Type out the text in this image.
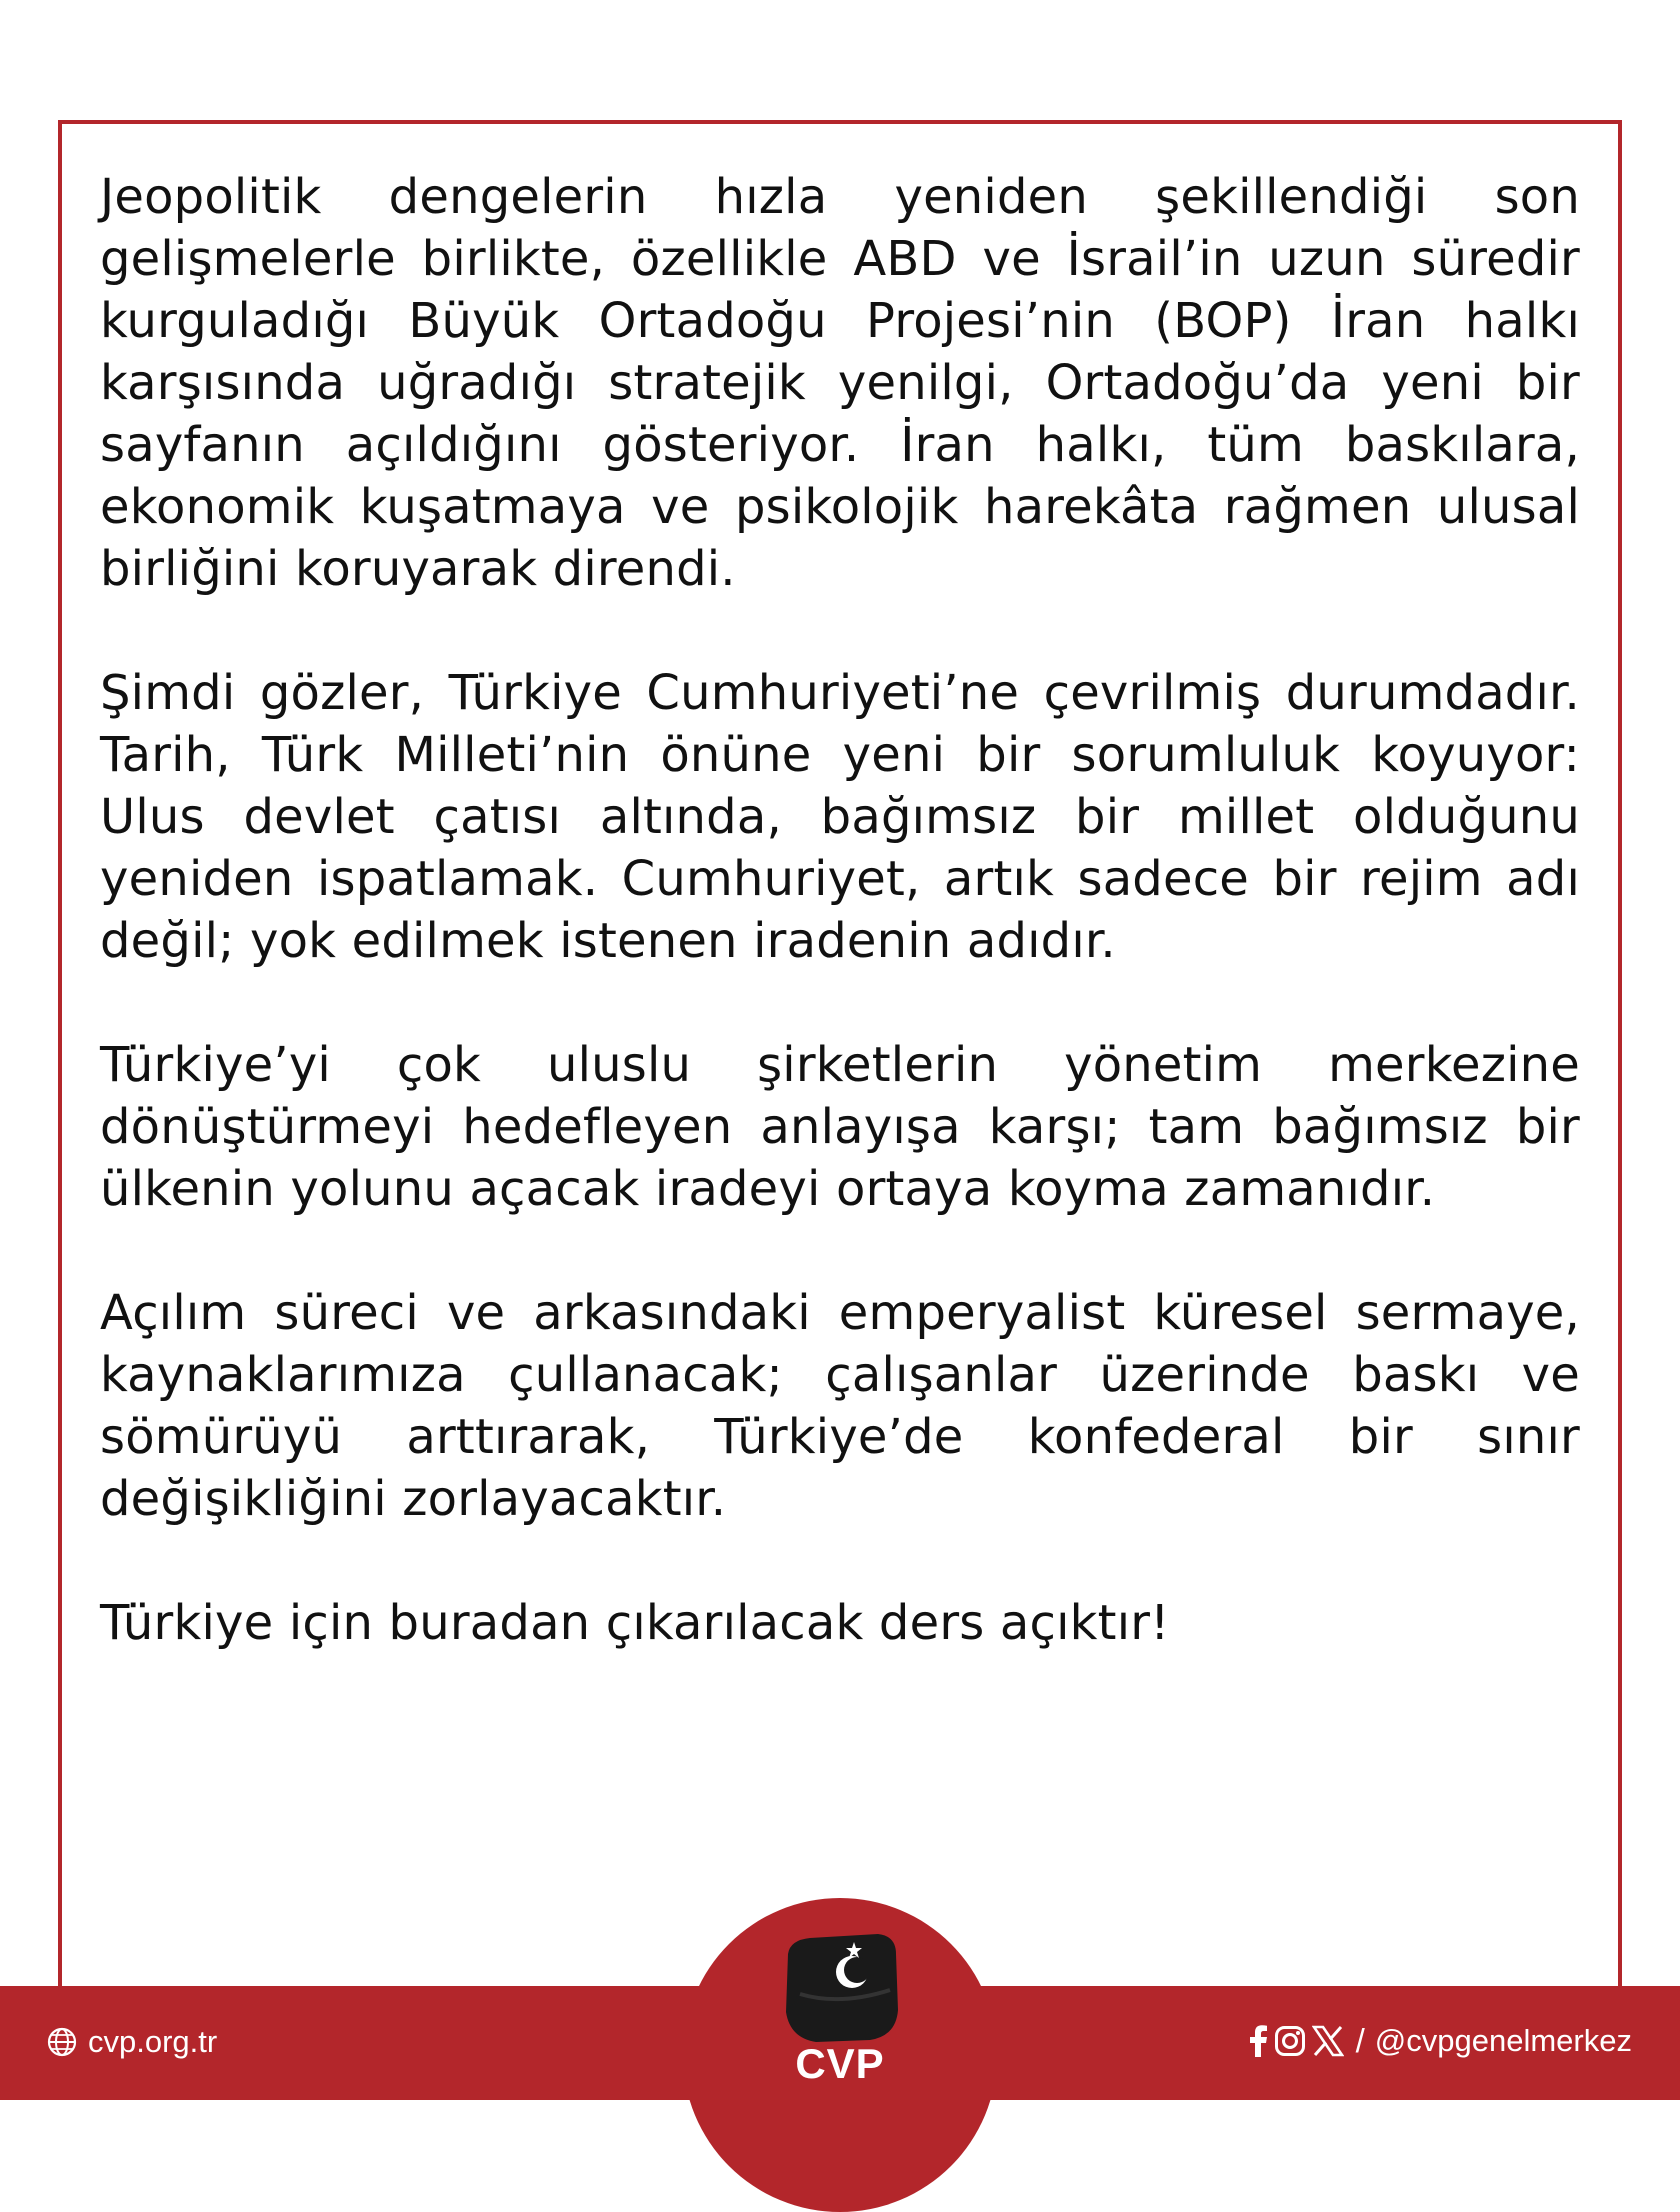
Jeopolitik dengelerin hızla yeniden şekillendiği son gelişmelerle birlikte, özellikle ABD ve İsrail’in uzun süredir kurguladığı Büyük Ortadoğu Projesi’nin (BOP) İran halkı karşısında uğradığı stratejik yenilgi, Ortadoğu’da yeni bir sayfanın açıldığını gösteriyor. İran halkı, tüm baskılara, ekonomik kuşatmaya ve psikolojik harekâta rağmen ulusal birliğini koruyarak direndi.

Şimdi gözler, Türkiye Cumhuriyeti’ne çevrilmiş durumdadır. Tarih, Türk Milleti’nin önüne yeni bir sorumluluk koyuyor: Ulus devlet çatısı altında, bağımsız bir millet olduğunu yeniden ispatlamak. Cumhuriyet, artık sadece bir rejim adı değil; yok edilmek istenen iradenin adıdır.

Türkiye’yi çok uluslu şirketlerin yönetim merkezine dönüştürmeyi hedefleyen anlayışa karşı; tam bağımsız bir ülkenin yolunu açacak iradeyi ortaya koyma zamanıdır.

Açılım süreci ve arkasındaki emperyalist küresel sermaye, kaynaklarımıza çullanacak; çalışanlar üzerinde baskı ve sömürüyü arttırarak, Türkiye’de konfederal bir sınır değişikliğini zorlayacaktır.

Türkiye için buradan çıkarılacak ders açıktır!

cvp.org.tr	CVP	/ @cvpgenelmerkez
